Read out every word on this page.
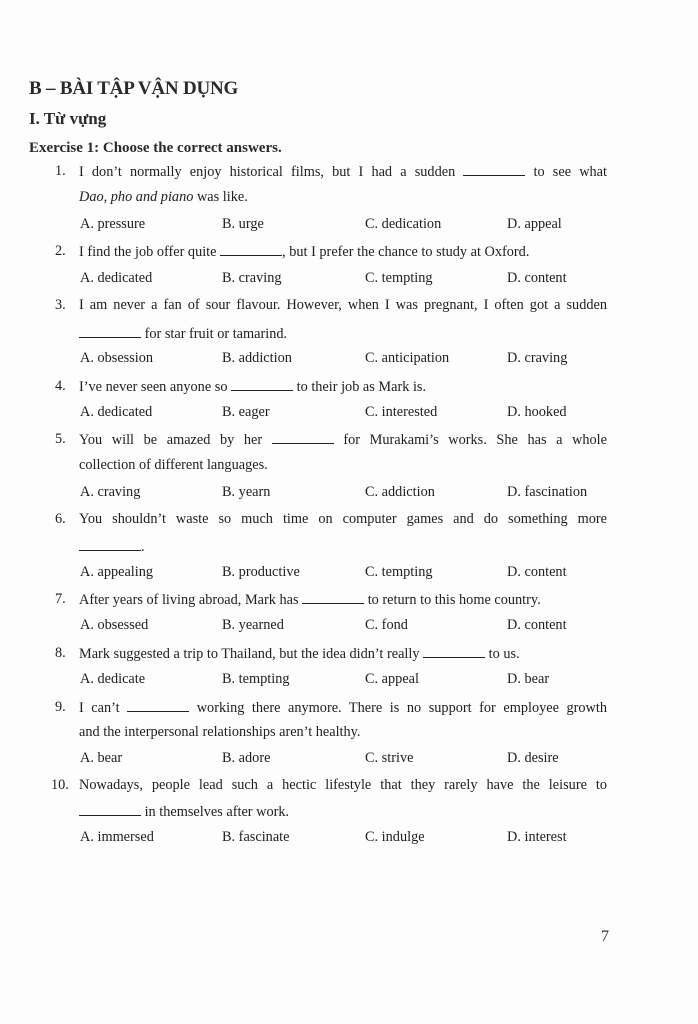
B – BÀI TẬP VẬN DỤNG
I. Từ vựng
Exercise 1: Choose the correct answers.
1. I don’t normally enjoy historical films, but I had a sudden	to see what
Dao, pho and piano was like.
A. pressure	B. urge	C. dedication	D. appeal
2. I find the job offer quite	, but I prefer the chance to study at Oxford.
A. dedicated	B. craving	C. tempting	D. content
3. I am never a fan of sour flavour. However, when I was pregnant, I often got a sudden
for star fruit or tamarind.
A. obsession	B. addiction	C. anticipation	D. craving
4. I’ve never seen anyone so	to their job as Mark is.
A. dedicated	B. eager	C. interested	D. hooked
5. You will be amazed by her	for Murakami’s works. She has a whole
collection of different languages.
A. craving	B. yearn	C. addiction	D. fascination
6. You shouldn’t waste so much time on computer games and do something more
.
A. appealing	B. productive	C. tempting	D. content
7. After years of living abroad, Mark has	to return to this home country.
A. obsessed	B. yearned	C. fond	D. content
8. Mark suggested a trip to Thailand, but the idea didn’t really	to us.
A. dedicate	B. tempting	C. appeal	D. bear
9. I can’t	working there anymore. There is no support for employee growth
and the interpersonal relationships aren’t healthy.
A. bear	B. adore	C. strive	D. desire
10. Nowadays, people lead such a hectic lifestyle that they rarely have the leisure to
in themselves after work.
A. immersed	B. fascinate	C. indulge	D. interest
7
